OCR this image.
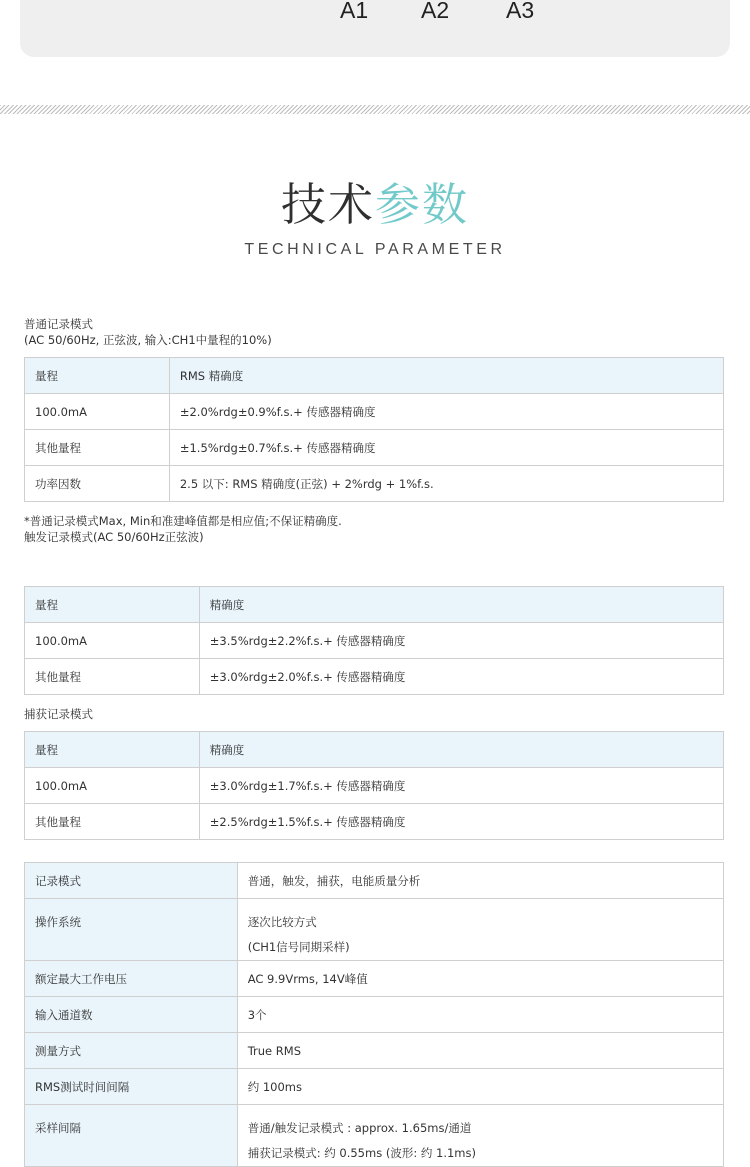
A1 A2 A3
技术参数
TECHNICAL PARAMETER
普通记录模式
(AC 50/60Hz, 正弦波, 输入:CH1中量程的10%)
量程	RMS 精确度
100.0mA	±2.0%rdg±0.9%f.s.+ 传感器精确度
其他量程	±1.5%rdg±0.7%f.s.+ 传感器精确度
功率因数	2.5 以下: RMS 精确度(正弦) + 2%rdg + 1%f.s.
*普通记录模式Max, Min和准建峰值都是相应值;不保证精确度.
触发记录模式(AC 50/60Hz正弦波)
量程	精确度
100.0mA	±3.5%rdg±2.2%f.s.+ 传感器精确度
其他量程	±3.0%rdg±2.0%f.s.+ 传感器精确度
捕获记录模式
量程	精确度
100.0mA	±3.0%rdg±1.7%f.s.+ 传感器精确度
其他量程	±2.5%rdg±1.5%f.s.+ 传感器精确度
记录模式	普通，触发，捕获，电能质量分析
操作系统	逐次比较方式
(CH1信号同期采样)

额定最大工作电压	AC 9.9Vrms, 14V峰值
输入通道数	3个
测量方式	True RMS
RMS测试时间间隔	约 100ms
采样间隔	普通/触发记录模式 : approx. 1.65ms/通道
捕获记录模式: 约 0.55ms (波形: 约 1.1ms)
